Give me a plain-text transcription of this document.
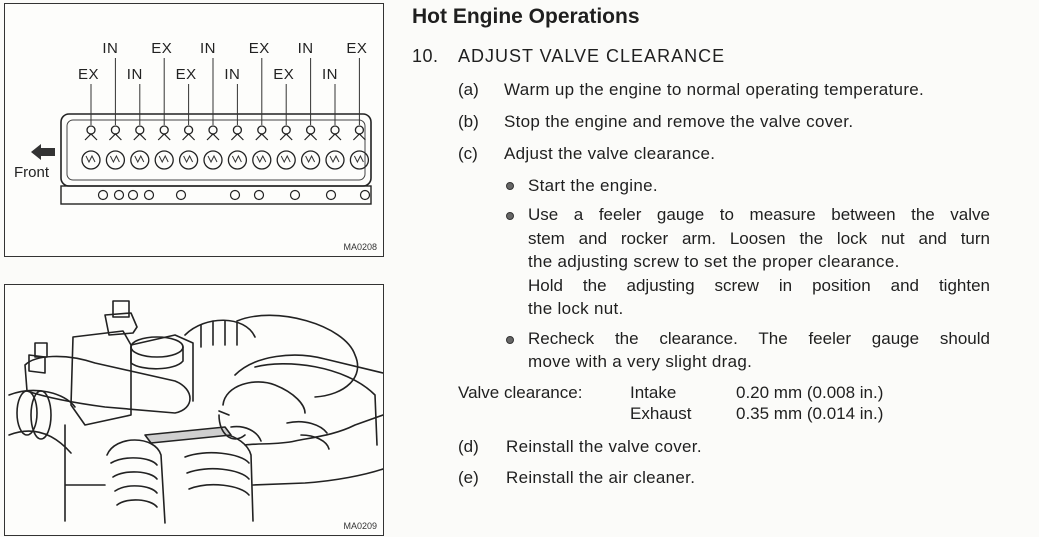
Front
IN EX IN EX IN EX
EX IN EX IN EX IN
MA0208
MA0209
Hot Engine Operations
10. ADJUST VALVE CLEARANCE
(a) Warm up the engine to normal operating temperature.
(b) Stop the engine and remove the valve cover.
(c) Adjust the valve clearance.
Start the engine.
Use a feeler gauge to measure between the valve
stem and rocker arm. Loosen the lock nut and turn
the adjusting screw to set the proper clearance.
Hold the adjusting screw in position and tighten
the lock nut.
Recheck the clearance. The feeler gauge should
move with a very slight drag.
Valve clearance:	Intake	0.20 mm (0.008 in.)
Exhaust	0.35 mm (0.014 in.)
(d) Reinstall the valve cover.
(e) Reinstall the air cleaner.
